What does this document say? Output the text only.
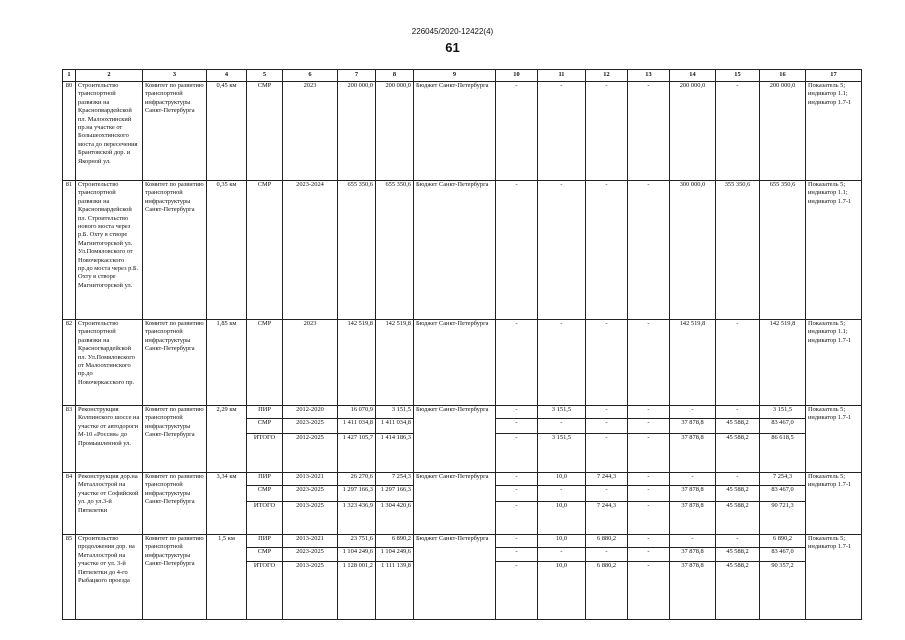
226045/2020-12422(4)
61
1	2	3	4	5	6	7	8	9	10	11	12	13	14	15	16	17
80	Строительство транспортной развязки на Краснопвардейской пл. Малоохтинский пр.на участке от Большеохтинского моста до пересечения Брантовской дор. и Якорной ул.	Комитет по развитию транспортной инфраструктуры Санкт-Петербурга	0,45 км	СМР	2023	200 000,0	200 000,0	Бюджет Санкт-Петербурга	-	-	-	-	200 000,0	-	200 000,0	Показатель 5; индикатор 1.1; индикатор 1.7-1
81	Строительство транспортной развязки на Краснопвардейской пл. Строительство нового моста через р.Б. Охту в створе Магнитогорской ул. Ул.Помяловского от Новочеркасского пр.до моста через р.Б. Охту в створе Магнитогорской ул.	Комитет по развитию транспортной инфраструктуры Санкт-Петербурга	0,35 км	СМР	2023-2024	655 350,6	655 350,6	Бюджет Санкт-Петербурга	-	-	-	-	300 000,0	355 350,6	655 350,6	Показатель 5; индикатор 1.1; индикатор 1.7-1
82	Строительство транспортной развязки на Красногвардейской пл. Ул.Помяловского от Малоохтинского пр.до Новочеркасского пр.	Комитет по развитию транспортной инфраструктуры Санкт-Петербурга	1,85 км	СМР	2023	142 519,8	142 519,8	Бюджет Санкт-Петербурга	-	-	-	-	142 519,8	-	142 519,8	Показатель 5; индикатор 1.1; индикатор 1.7-1
83	Реконструкция Колпинского шоссе на участке от автодороги М-10 «Россия» до Промышленной ул.	Комитет по развитию транспортной инфраструктуры Санкт-Петербурга	2,29 км	ПИР	2012-2020	16 070,9	3 151,5	Бюджет Санкт-Петербурга	-	3 151,5	-	-	-	-	3 151,5	Показатель 5; индикатор 1.7-1
				СМР	2023-2025	1 411 034,8	1 411 034,8		-	-	-	-	37 878,8	45 588,2	83 467,0	
				ИТОГО	2012-2025	1 427 105,7	1 414 186,3		-	3 151,5	-	-	37 878,8	45 588,2	86 618,5	
84	Реконструкция дор.на Металлострой на участке от Софийской ул. до ул.3-й Пятилетки	Комитет по развитию транспортной инфраструктуры Санкт-Петербурга	3,34 км	ПИР	2013-2021	26 270,6	7 254,3	Бюджет Санкт-Петербурга	-	10,0	7 244,3	-	-	-	7 254,3	Показатель 5; индикатор 1.7-1
				СМР	2023-2025	1 297 166,3	1 297 166,3		-	-	-	-	37 878,8	45 588,2	83 467,0	
				ИТОГО	2013-2025	1 323 436,9	1 304 420,6		-	10,0	7 244,3	-	37 878,8	45 588,2	90 721,3	
85	Строительство продолжения дор. на Металлострой на участке от ул. 3-й Пятилетки до 4-го Рыбацкого проезда	Комитет по развитию транспортной инфраструктуры Санкт-Петербурга	1,5 км	ПИР	2013-2021	23 751,6	6 890,2	Бюджет Санкт-Петербурга	-	10,0	6 880,2	-	-	-	6 890,2	Показатель 5; индикатор 1.7-1
				СМР	2023-2025	1 104 249,6	1 104 249,6		-	-	-	-	37 878,8	45 588,2	83 467,0	
				ИТОГО	2013-2025	1 128 001,2	1 111 139,8		-	10,0	6 880,2	-	37 878,8	45 588,2	90 357,2	
